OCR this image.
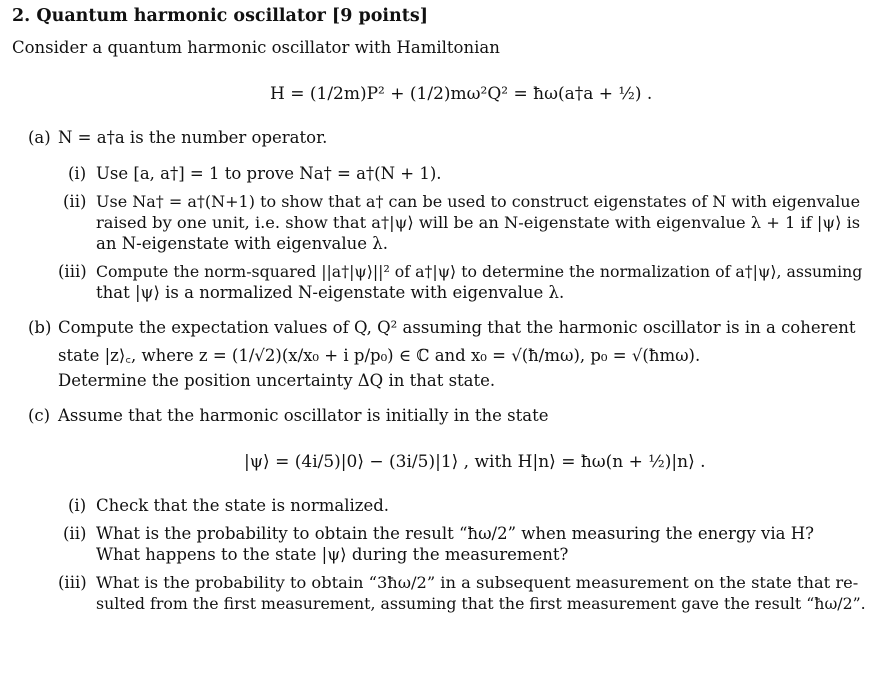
2. Quantum harmonic oscillator [9 points]
Consider a quantum harmonic oscillator with Hamiltonian
H = (1/2m)P² + (1/2)mω²Q² = ħω(a†a + ½) .
(a) N = a†a is the number operator.
(i) Use [a, a†] = 1 to prove Na† = a†(N + 1).
(ii) Use Na† = a†(N+1) to show that a† can be used to construct eigenstates of N with eigenvalue
raised by one unit, i.e. show that a†|ψ⟩ will be an N-eigenstate with eigenvalue λ + 1 if |ψ⟩ is
an N-eigenstate with eigenvalue λ.
(iii) Compute the norm-squared ||a†|ψ⟩||² of a†|ψ⟩ to determine the normalization of a†|ψ⟩, assuming
that |ψ⟩ is a normalized N-eigenstate with eigenvalue λ.
(b) Compute the expectation values of Q, Q² assuming that the harmonic oscillator is in a coherent
state |z⟩꜀, where z = (1/√2)(x/x₀ + i p/p₀) ∈ ℂ and x₀ = √(ħ/mω), p₀ = √(ħmω).
Determine the position uncertainty ΔQ in that state.
(c) Assume that the harmonic oscillator is initially in the state
|ψ⟩ = (4i/5)|0⟩ − (3i/5)|1⟩ , with H|n⟩ = ħω(n + ½)|n⟩ .
(i) Check that the state is normalized.
(ii) What is the probability to obtain the result “ħω/2” when measuring the energy via H?
What happens to the state |ψ⟩ during the measurement?
(iii) What is the probability to obtain “3ħω/2” in a subsequent measurement on the state that re-
sulted from the first measurement, assuming that the first measurement gave the result “ħω/2”.
